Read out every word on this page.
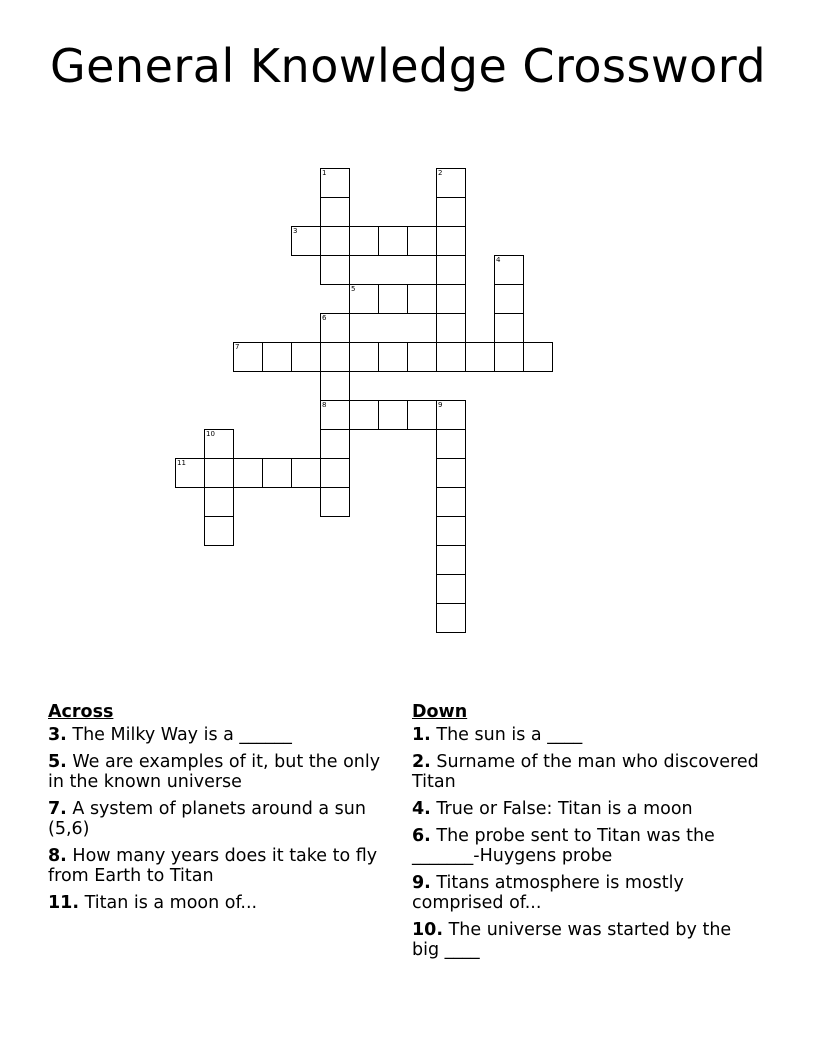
General Knowledge Crossword
1	2
3
4
5
6
7
8	9
10
11
Across
3. The Milky Way is a ______
5. We are examples of it, but the only in the known universe
7. A system of planets around a sun (5,6)
8. How many years does it take to fly from Earth to Titan
11. Titan is a moon of...
Down
1. The sun is a ____
2. Surname of the man who discovered Titan
4. True or False: Titan is a moon
6. The probe sent to Titan was the _______-Huygens probe
9. Titans atmosphere is mostly comprised of...
10. The universe was started by the big ____
